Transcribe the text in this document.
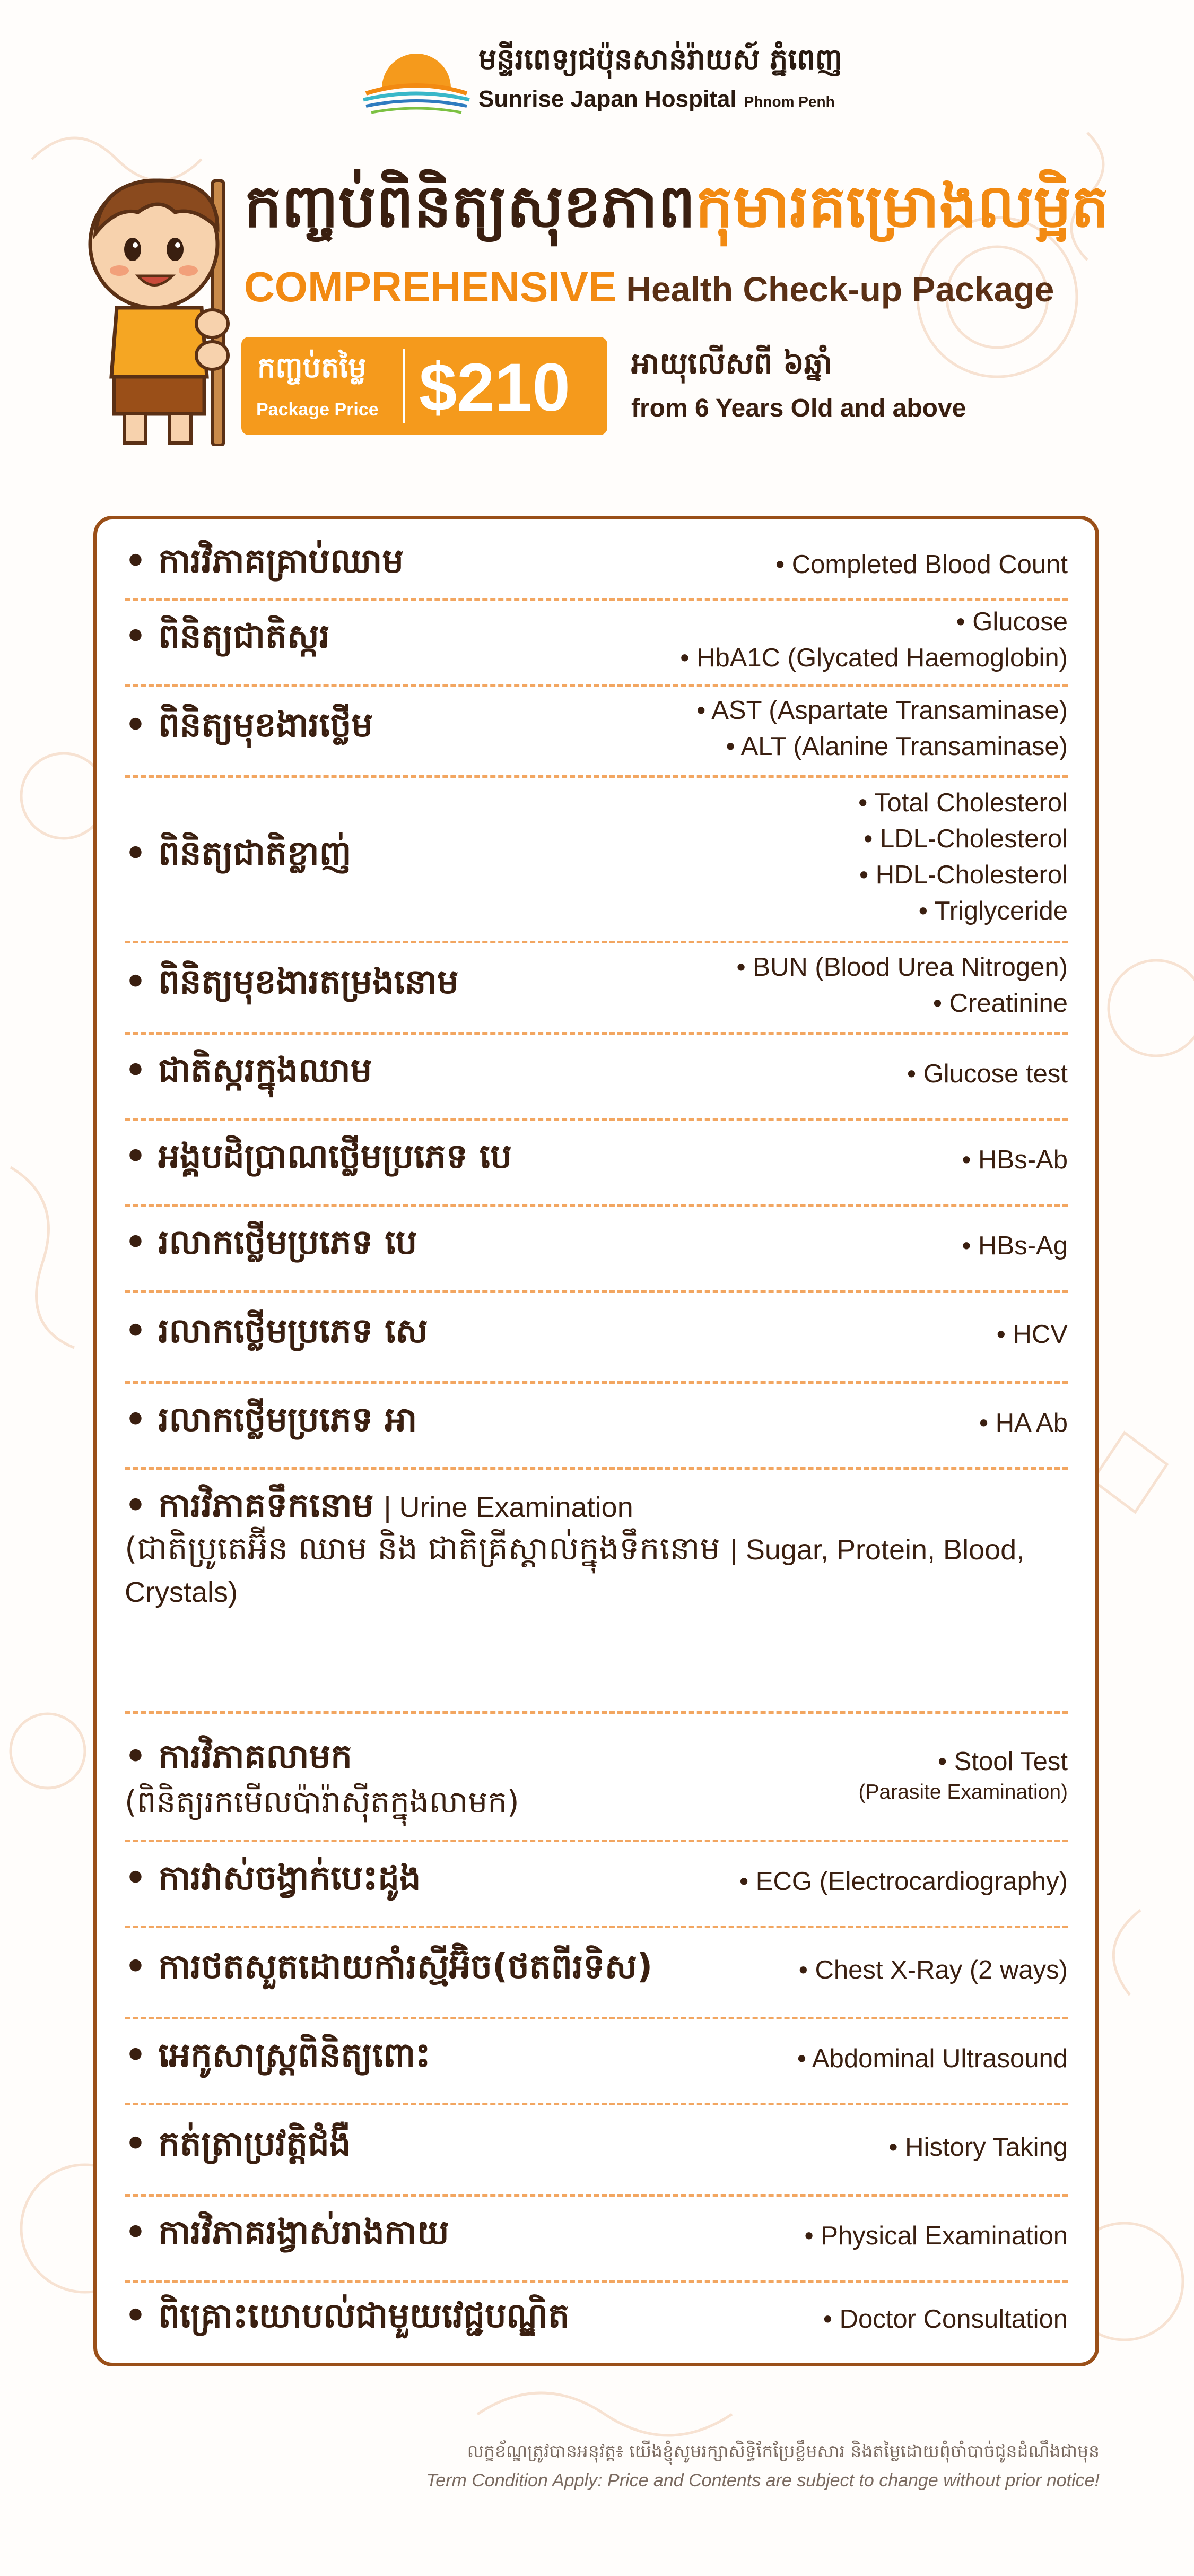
មន្ទីរពេទ្យជប៉ុនសាន់រ៉ាយស៍ ភ្នំពេញ
Sunrise Japan Hospital Phnom Penh
កញ្ចប់ពិនិត្យសុខភាពកុមារគម្រោងលម្អិត
COMPREHENSIVE Health Check-up Package
កញ្ចប់តម្លៃ
Package Price $210 អាយុលើសពី ៦ឆ្នាំ
from 6 Years Old and above
• ការវិភាគគ្រាប់ឈាម	• Completed Blood Count
• ពិនិត្យជាតិស្ករ	• Glucose
• HbA1C (Glycated Haemoglobin)
• ពិនិត្យមុខងារថ្លើម	• AST (Aspartate Transaminase)
• ALT (Alanine Transaminase)
• ពិនិត្យជាតិខ្លាញ់
• Total Cholesterol
• LDL-Cholesterol
• HDL-Cholesterol
• Triglyceride
• ពិនិត្យមុខងារតម្រងនោម	• BUN (Blood Urea Nitrogen)
• Creatinine
• ជាតិស្ករក្នុងឈាម	• Glucose test
• អង្គបដិប្រាណថ្លើមប្រភេទ បេ	• HBs-Ab
• រលាកថ្លើមប្រភេទ បេ	• HBs-Ag
• រលាកថ្លើមប្រភេទ សេ	• HCV
• រលាកថ្លើមប្រភេទ អា	• HA Ab
• ការវិភាគទឹកនោម | Urine Examination
(ជាតិប្រូតេអ៊ីន ឈាម និង ជាតិគ្រីស្តាល់ក្នុងទឹកនោម | Sugar, Protein, Blood, Crystals)
• ការវិភាគលាមក
(ពិនិត្យរកមើលប៉ារ៉ាស៊ីតក្នុងលាមក)
• Stool Test
(Parasite Examination)
• ការវាស់ចង្វាក់បេះដូង	• ECG (Electrocardiography)
• ការថតសួតដោយកាំរស្មីអ៊ិច(ថតពីរទិស)	• Chest X-Ray (2 ways)
• អេកូសាស្ត្រពិនិត្យពោះ	• Abdominal Ultrasound
• កត់ត្រាប្រវត្តិជំងឺ	• History Taking
• ការវិភាគរង្វាស់រាងកាយ	• Physical Examination
• ពិគ្រោះយោបល់ជាមួយវេជ្ជបណ្ឌិត	• Doctor Consultation
លក្ខខ័ណ្ឌត្រូវបានអនុវត្ត៖ យើងខ្ញុំសូមរក្សាសិទ្ធិកែប្រែខ្លឹមសារ និងតម្លៃដោយពុំចាំបាច់ជូនដំណឹងជាមុន
Term Condition Apply: Price and Contents are subject to change without prior notice!
